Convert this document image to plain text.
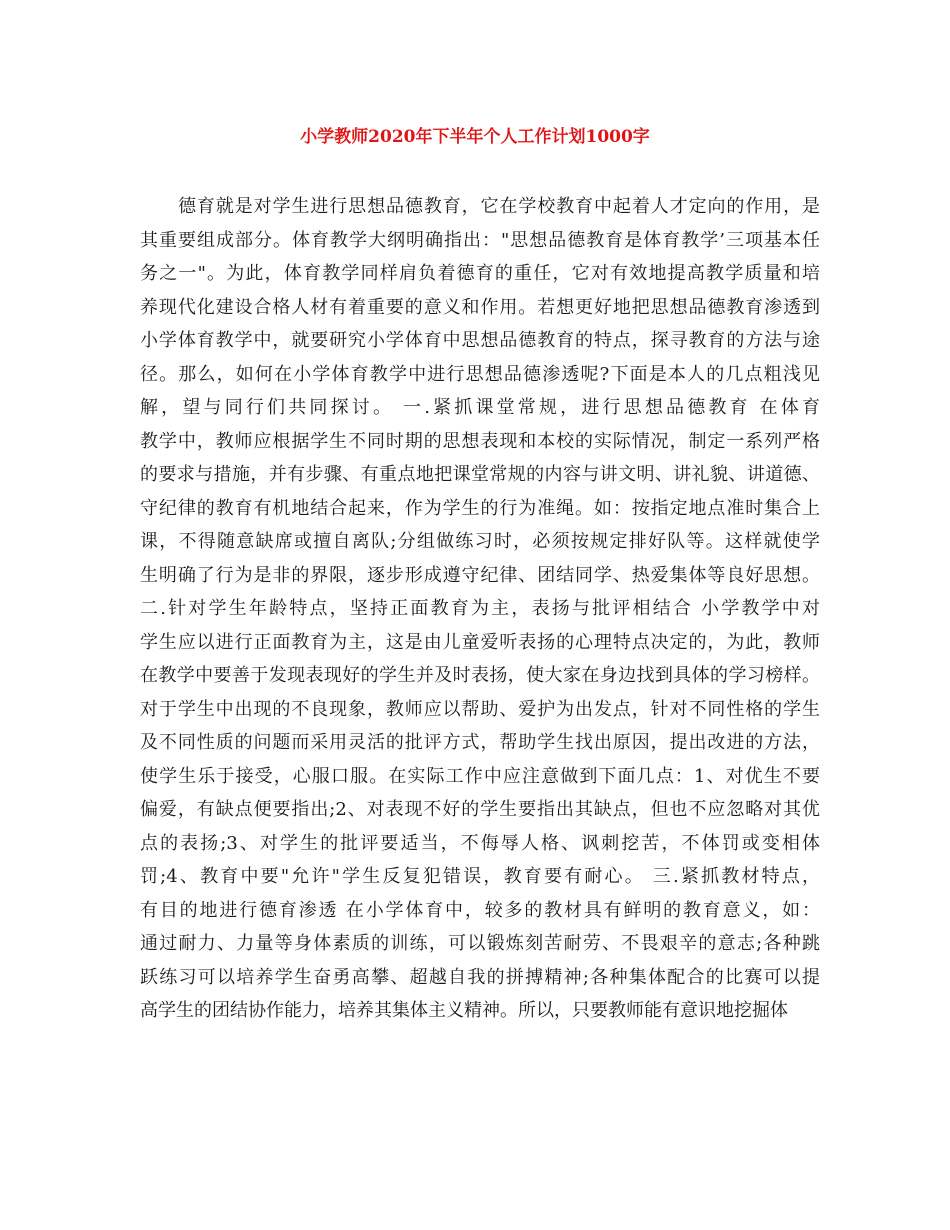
小学教师2020年下半年个人工作计划1000字
德育就是对学生进行思想品德教育，它在学校教育中起着人才定向的作用，是
其重要组成部分。体育教学大纲明确指出："思想品德教育是体育教学’三项基本任
务之一"。为此，体育教学同样肩负着德育的重任，它对有效地提高教学质量和培
养现代化建设合格人材有着重要的意义和作用。若想更好地把思想品德教育渗透到
小学体育教学中，就要研究小学体育中思想品德教育的特点，探寻教育的方法与途
径。那么，如何在小学体育教学中进行思想品德渗透呢?下面是本人的几点粗浅见
解，望与同行们共同探讨。 一.紧抓课堂常规，进行思想品德教育 在体育
教学中，教师应根据学生不同时期的思想表现和本校的实际情况，制定一系列严格
的要求与措施，并有步骤、有重点地把课堂常规的内容与讲文明、讲礼貌、讲道德、
守纪律的教育有机地结合起来，作为学生的行为准绳。如：按指定地点准时集合上
课，不得随意缺席或擅自离队;分组做练习时，必须按规定排好队等。这样就使学
生明确了行为是非的界限，逐步形成遵守纪律、团结同学、热爱集体等良好思想。
二.针对学生年龄特点，坚持正面教育为主，表扬与批评相结合 小学教学中对
学生应以进行正面教育为主，这是由儿童爱听表扬的心理特点决定的，为此，教师
在教学中要善于发现表现好的学生并及时表扬，使大家在身边找到具体的学习榜样。
对于学生中出现的不良现象，教师应以帮助、爱护为出发点，针对不同性格的学生
及不同性质的问题而采用灵活的批评方式，帮助学生找出原因，提出改进的方法，
使学生乐于接受，心服口服。在实际工作中应注意做到下面几点：1、对优生不要
偏爱，有缺点便要指出;2、对表现不好的学生要指出其缺点，但也不应忽略对其优
点的表扬;3、对学生的批评要适当，不侮辱人格、讽刺挖苦，不体罚或变相体
罚;4、教育中要"允许"学生反复犯错误，教育要有耐心。 三.紧抓教材特点，
有目的地进行德育渗透 在小学体育中，较多的教材具有鲜明的教育意义，如：
通过耐力、力量等身体素质的训练，可以锻炼刻苦耐劳、不畏艰辛的意志;各种跳
跃练习可以培养学生奋勇高攀、超越自我的拼搏精神;各种集体配合的比赛可以提
高学生的团结协作能力，培养其集体主义精神。所以，只要教师能有意识地挖掘体
